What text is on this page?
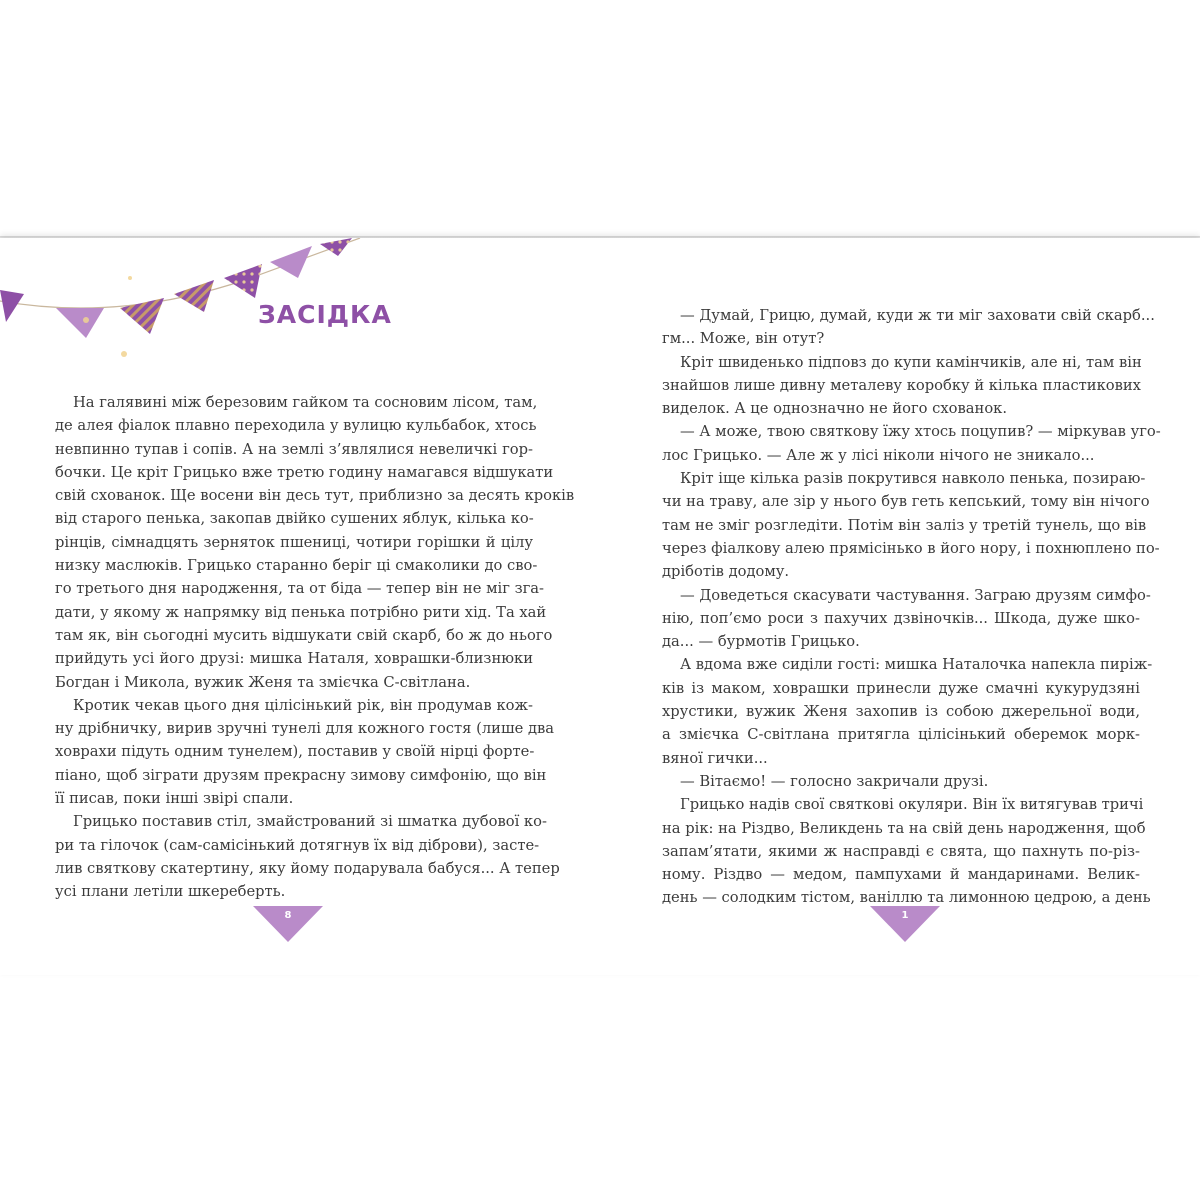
ЗАСІДКА
На галявині між березовим гайком та сосновим лісом, там,
де алея фіалок плавно переходила у вулицю кульбабок, хтось
невпинно тупав і сопів. А на землі з’являлися невеличкі гор-
бочки. Це кріт Грицько вже третю годину намагався відшукати
свій схованок. Ще восени він десь тут, приблизно за десять кроків
від старого пенька, закопав двійко сушених яблук, кілька ко-
рінців, сімнадцять зерняток пшениці, чотири горішки й цілу
низку маслюків. Грицько старанно беріг ці смаколики до сво-
го третього дня народження, та от біда — тепер він не міг зга-
дати, у якому ж напрямку від пенька потрібно рити хід. Та хай
там як, він сьогодні мусить відшукати свій скарб, бо ж до нього
прийдуть усі його друзі: мишка Наталя, ховрашки-близнюки
Богдан і Микола, вужик Женя та змієчка С-світлана.
Кротик чекав цього дня цілісінький рік, він продумав кож-
ну дрібничку, вирив зручні тунелі для кожного гостя (лише два
ховрахи підуть одним тунелем), поставив у своїй нірці форте-
піано, щоб зіграти друзям прекрасну зимову симфонію, що він
її писав, поки інші звірі спали.
Грицько поставив стіл, змайстрований зі шматка дубової ко-
ри та гілочок (сам-самісінький дотягнув їх від діброви), засте-
лив святкову скатертину, яку йому подарувала бабуся... А тепер
усі плани летіли шкереберть.
— Думай, Грицю, думай, куди ж ти міг заховати свій скарб...
гм... Може, він отут?
Кріт швиденько підповз до купи камінчиків, але ні, там він
знайшов лише дивну металеву коробку й кілька пластикових
виделок. А це однозначно не його схованок.
— А може, твою святкову їжу хтось поцупив? — міркував уго-
лос Грицько. — Але ж у лісі ніколи нічого не зникало...
Кріт іще кілька разів покрутився навколо пенька, позираю-
чи на траву, але зір у нього був геть кепський, тому він нічого
там не зміг розгледіти. Потім він заліз у третій тунель, що вів
через фіалкову алею прямісінько в його нору, і похнюплено по-
дріботів додому.
— Доведеться скасувати частування. Заграю друзям симфо-
нію, поп’ємо роси з пахучих дзвіночків... Шкода, дуже шко-
да... — бурмотів Грицько.
А вдома вже сиділи гості: мишка Наталочка напекла пиріж-
ків із маком, ховрашки принесли дуже смачні кукурудзяні
хрустики, вужик Женя захопив із собою джерельної води,
а змієчка С-світлана притягла цілісінький оберемок морк-
вяної гички...
— Вітаємо! — голосно закричали друзі.
Грицько надів свої святкові окуляри. Він їх витягував тричі
на рік: на Різдво, Великдень та на свій день народження, щоб
запам’ятати, якими ж насправді є свята, що пахнуть по-різ-
ному. Різдво — медом, пампухами й мандаринами. Велик-
день — солодким тістом, ваніллю та лимонною цедрою, а день
8	1
